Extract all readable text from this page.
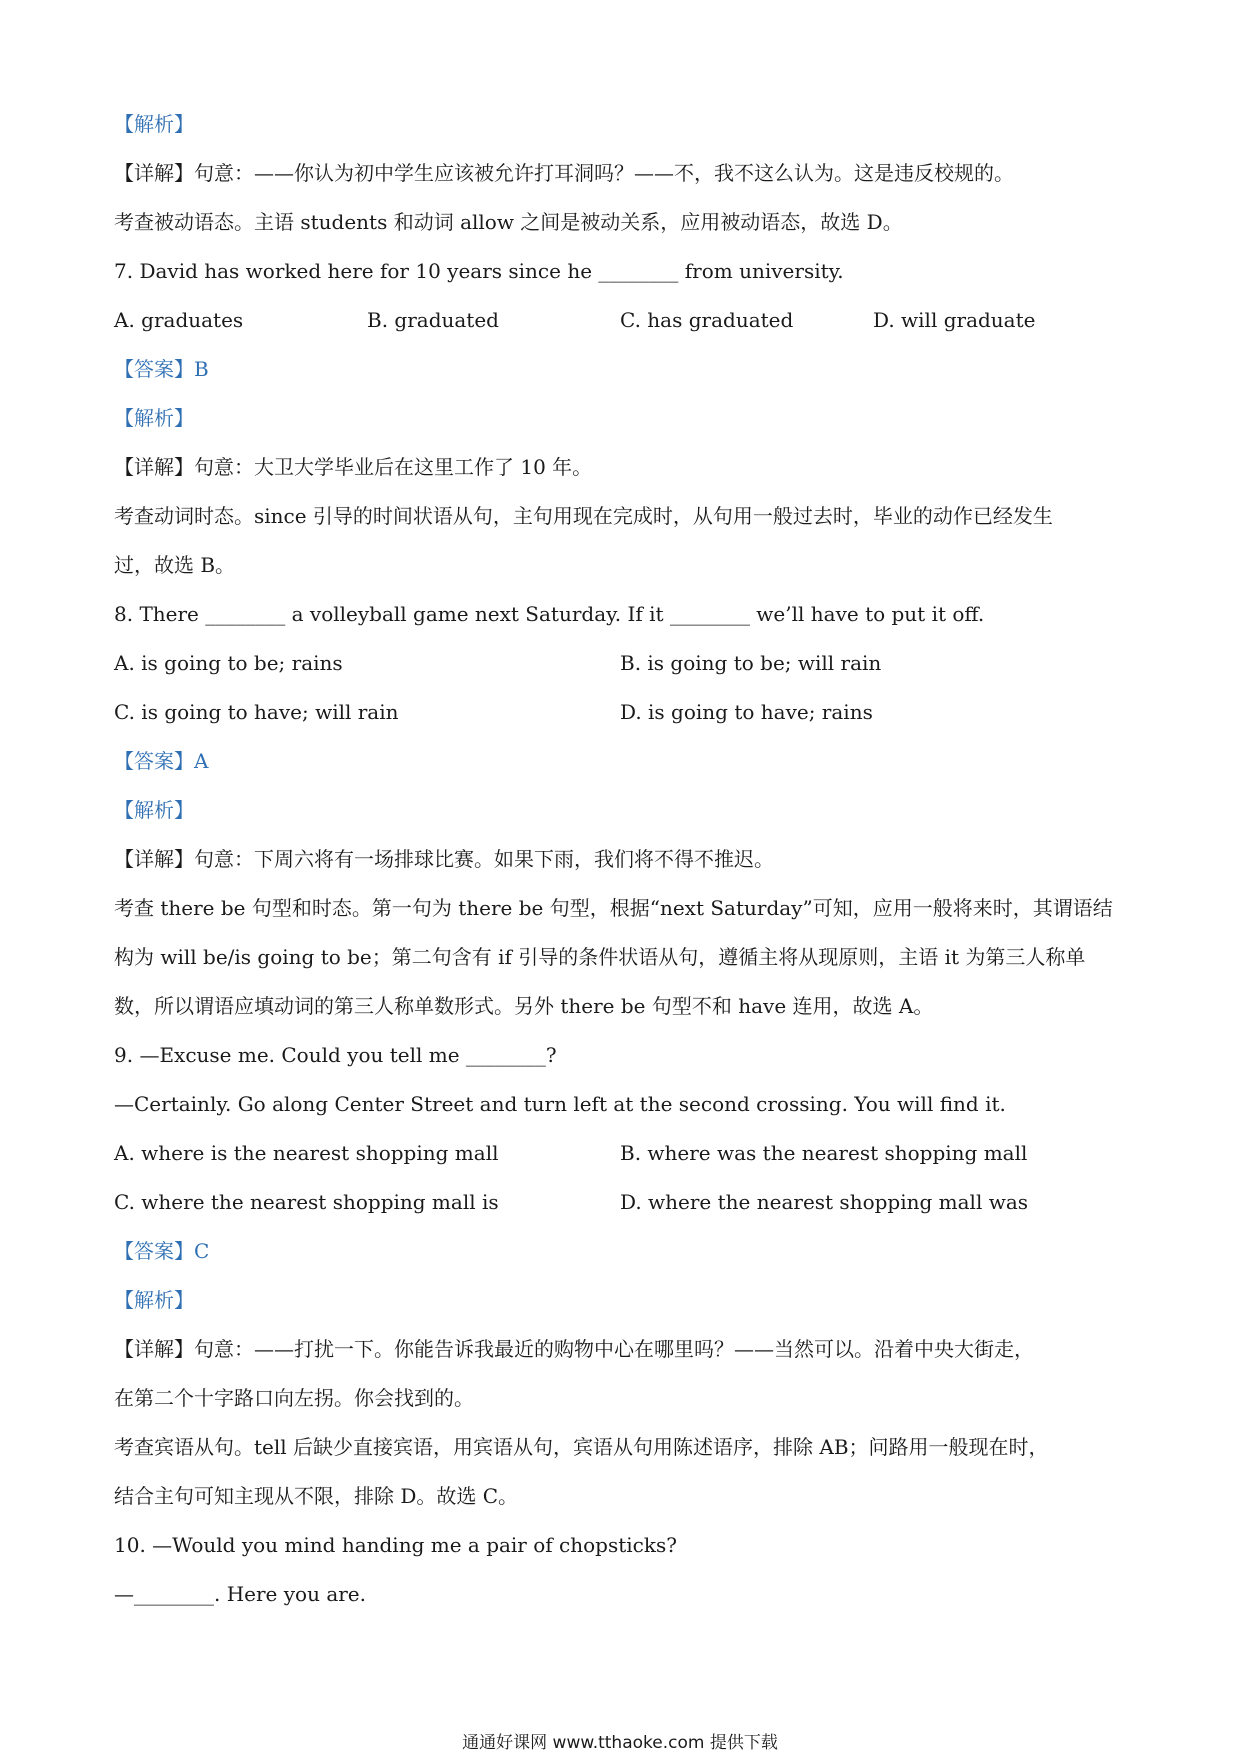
【解析】
【详解】句意：——你认为初中学生应该被允许打耳洞吗？——不，我不这么认为。这是违反校规的。
考查被动语态。主语 students 和动词 allow 之间是被动关系，应用被动语态，故选 D。
7. David has worked here for 10 years since he ________ from university.
A. graduates	B. graduated	C. has graduated	D. will graduate
【答案】B
【解析】
【详解】句意：大卫大学毕业后在这里工作了 10 年。
考查动词时态。since 引导的时间状语从句，主句用现在完成时，从句用一般过去时，毕业的动作已经发生
过，故选 B。
8. There ________ a volleyball game next Saturday. If it ________ we’ll have to put it off.
A. is going to be; rains	B. is going to be; will rain
C. is going to have; will rain	D. is going to have; rains
【答案】A
【解析】
【详解】句意：下周六将有一场排球比赛。如果下雨，我们将不得不推迟。
考查 there be 句型和时态。第一句为 there be 句型，根据“next Saturday”可知，应用一般将来时，其谓语结
构为 will be/is going to be；第二句含有 if 引导的条件状语从句，遵循主将从现原则，主语 it 为第三人称单
数，所以谓语应填动词的第三人称单数形式。另外 there be 句型不和 have 连用，故选 A。
9. —Excuse me. Could you tell me ________?
—Certainly. Go along Center Street and turn left at the second crossing. You will find it.
A. where is the nearest shopping mall	B. where was the nearest shopping mall
C. where the nearest shopping mall is	D. where the nearest shopping mall was
【答案】C
【解析】
【详解】句意：——打扰一下。你能告诉我最近的购物中心在哪里吗？——当然可以。沿着中央大街走，
在第二个十字路口向左拐。你会找到的。
考查宾语从句。tell 后缺少直接宾语，用宾语从句，宾语从句用陈述语序，排除 AB；问路用一般现在时，
结合主句可知主现从不限，排除 D。故选 C。
10. —Would you mind handing me a pair of chopsticks?
—________. Here you are.
通通好课网 www.tthaoke.com 提供下载
